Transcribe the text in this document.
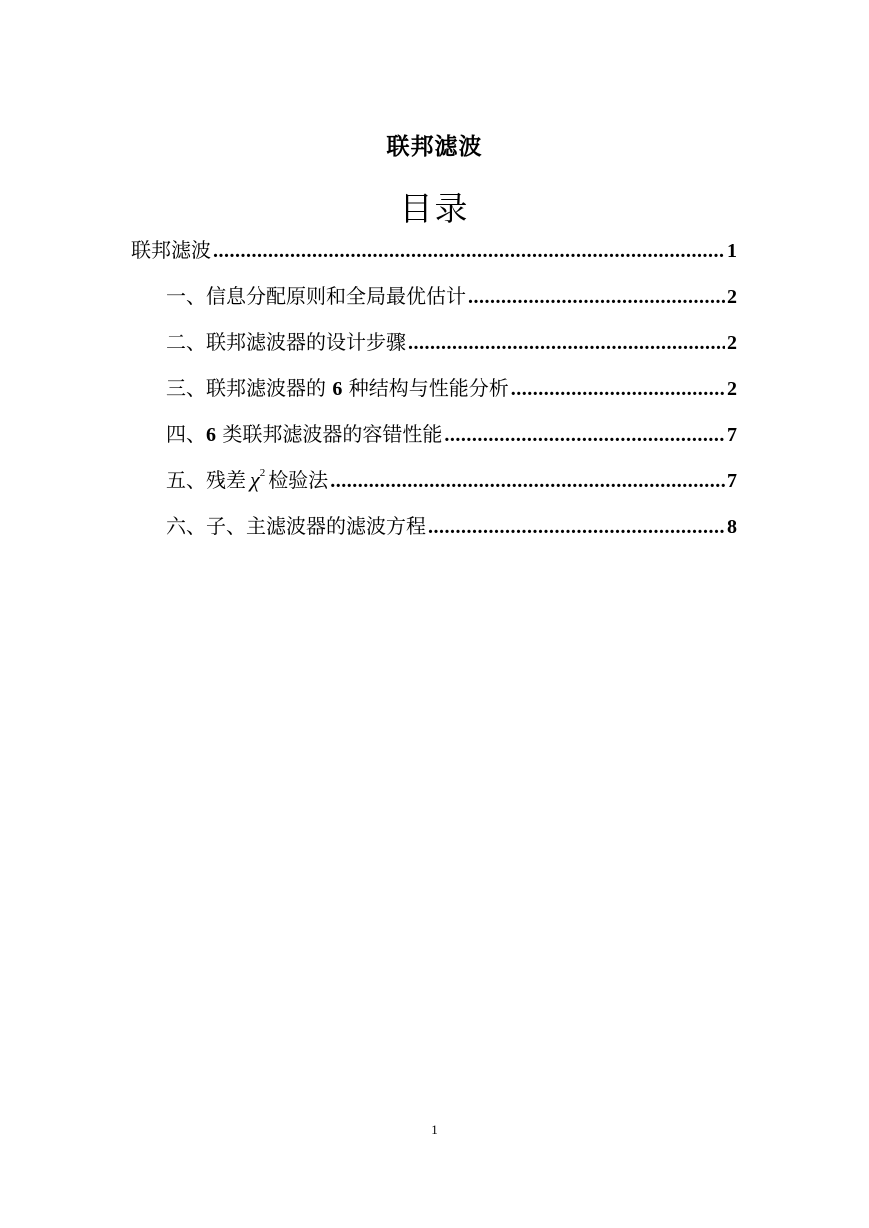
联邦滤波
目录
联邦滤波 .....	1
一、信息分配原则和全局最优估计 .....	2
二、联邦滤波器的设计步骤 .....	2
三、联邦滤波器的 6 种结构与性能分析 .....	2
四、6 类联邦滤波器的容错性能 .....	7
五、残差 $\chi^2$ 检验法 .....	7
六、子、主滤波器的滤波方程 .....	8
1
